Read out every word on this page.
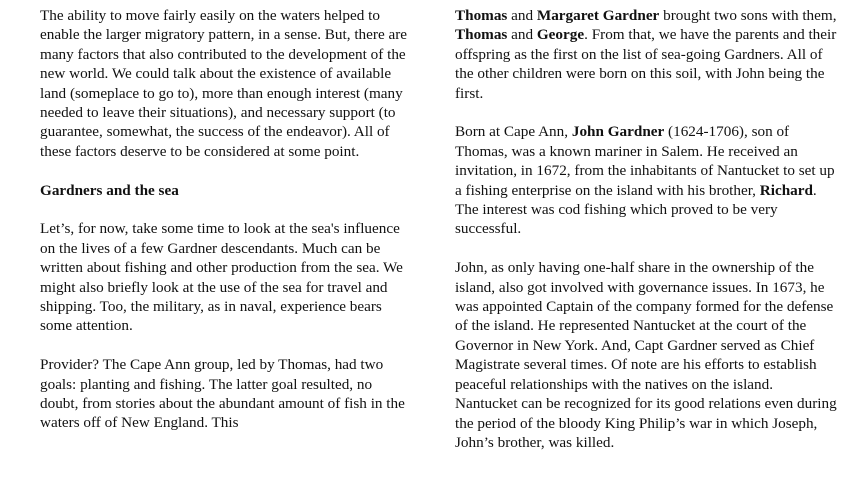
The ability to move fairly easily on the waters helped to enable the larger migratory pattern, in a sense. But, there are many factors that also contributed to the development of the new world. We could talk about the existence of available land (someplace to go to), more than enough interest (many needed to leave their situations), and necessary support (to guarantee, somewhat, the success of the endeavor). All of these factors deserve to be considered at some point.

Gardners and the sea

Let’s, for now, take some time to look at the sea's influence on the lives of a few Gardner descendants. Much can be written about fishing and other production from the sea. We might also briefly look at the use of the sea for travel and shipping. Too, the military, as in naval, experience bears some attention.

Provider? The Cape Ann group, led by Thomas, had two goals: planting and fishing. The latter goal resulted, no doubt, from stories about the abundant amount of fish in the waters off of New England. This

Thomas and Margaret Gardner brought two sons with them, Thomas and George. From that, we have the parents and their offspring as the first on the list of sea-going Gardners. All of the other children were born on this soil, with John being the first.

Born at Cape Ann, John Gardner (1624-1706), son of Thomas, was a known mariner in Salem. He received an invitation, in 1672, from the inhabitants of Nantucket to set up a fishing enterprise on the island with his brother, Richard. The interest was cod fishing which proved to be very successful.

John, as only having one-half share in the ownership of the island, also got involved with governance issues. In 1673, he was appointed Captain of the company formed for the defense of the island. He represented Nantucket at the court of the Governor in New York. And, Capt Gardner served as Chief Magistrate several times. Of note are his efforts to establish peaceful relationships with the natives on the island. Nantucket can be recognized for its good relations even during the period of the bloody King Philip’s war in which Joseph, John’s brother, was killed.
